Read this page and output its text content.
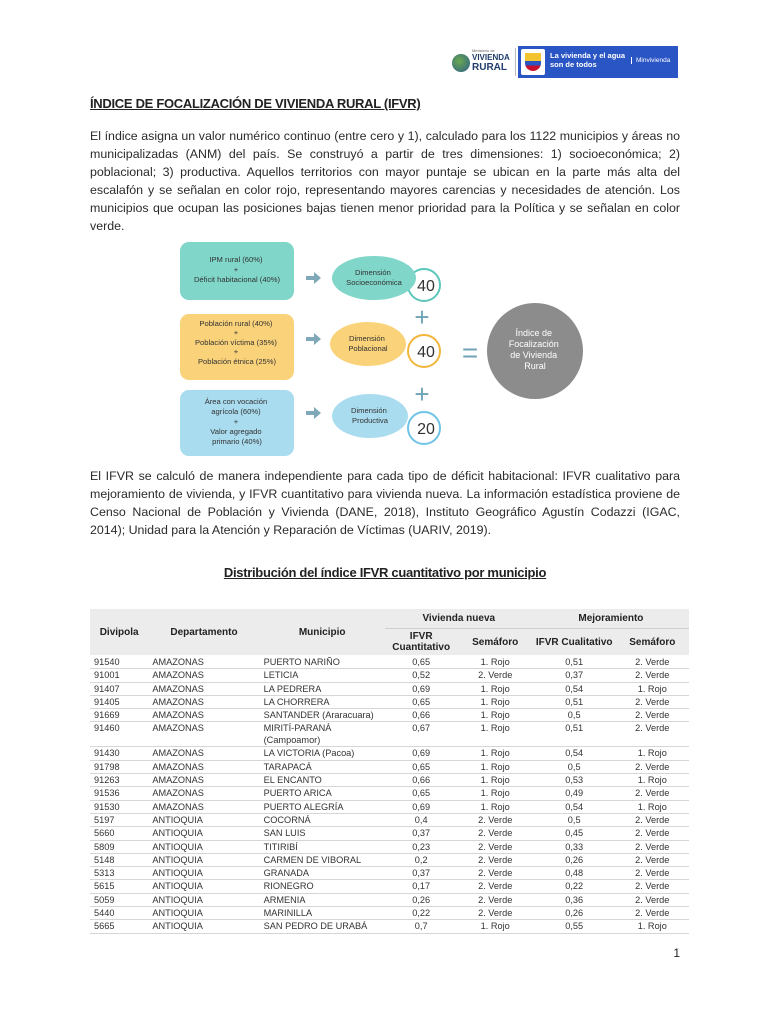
Ministerio de
VIVIENDA
RURAL
La vivienda y el agua son de todos	Minvivienda
ÍNDICE DE FOCALIZACIÓN DE VIVIENDA RURAL (IFVR)
El índice asigna un valor numérico continuo (entre cero y 1), calculado para los 1122 municipios y áreas no municipalizadas (ANM) del país. Se construyó a partir de tres dimensiones: 1) socioeconómica; 2) poblacional; 3) productiva. Aquellos territorios con mayor puntaje se ubican en la parte más alta del escalafón y se señalan en color rojo, representando mayores carencias y necesidades de atención. Los municipios que ocupan las posiciones bajas tienen menor prioridad para la Política y se señalan en color verde.
IPM rural (60%) + Déficit habitacional (40%)
Población rural (40%) + Población víctima (35%) + Población étnica (25%)
Área con vocación agrícola (60%) + Valor agregado primario (40%)
Dimensión Socioeconómica
Dimensión Poblacional
Dimensión Productiva
40
40
20
+
+
=
Índice de Focalización de Vivienda Rural
El IFVR se calculó de manera independiente para cada tipo de déficit habitacional: IFVR cualitativo para mejoramiento de vivienda, y IFVR cuantitativo para vivienda nueva. La información estadística proviene de Censo Nacional de Población y Vivienda (DANE, 2018), Instituto Geográfico Agustín Codazzi (IGAC, 2014); Unidad para la Atención y Reparación de Víctimas (UARIV, 2019).
Distribución del índice IFVR cuantitativo por municipio
Divipola	Departamento	Municipio	Vivienda nueva		Mejoramiento	
			IFVR Cuantitativo	Semáforo	IFVR Cualitativo	Semáforo
91540	AMAZONAS	PUERTO NARIÑO	0,65	1. Rojo	0,51	2. Verde
91001	AMAZONAS	LETICIA	0,52	2. Verde	0,37	2. Verde
91407	AMAZONAS	LA PEDRERA	0,69	1. Rojo	0,54	1. Rojo
91405	AMAZONAS	LA CHORRERA	0,65	1. Rojo	0,51	2. Verde
91669	AMAZONAS	SANTANDER (Araracuara)	0,66	1. Rojo	0,5	2. Verde
91460	AMAZONAS	MIRITÍ-PARANÁ (Campoamor)	0,67	1. Rojo	0,51	2. Verde
91430	AMAZONAS	LA VICTORIA (Pacoa)	0,69	1. Rojo	0,54	1. Rojo
91798	AMAZONAS	TARAPACÁ	0,65	1. Rojo	0,5	2. Verde
91263	AMAZONAS	EL ENCANTO	0,66	1. Rojo	0,53	1. Rojo
91536	AMAZONAS	PUERTO ARICA	0,65	1. Rojo	0,49	2. Verde
91530	AMAZONAS	PUERTO ALEGRÍA	0,69	1. Rojo	0,54	1. Rojo
5197	ANTIOQUIA	COCORNÁ	0,4	2. Verde	0,5	2. Verde
5660	ANTIOQUIA	SAN LUIS	0,37	2. Verde	0,45	2. Verde
5809	ANTIOQUIA	TITIRIBÍ	0,23	2. Verde	0,33	2. Verde
5148	ANTIOQUIA	CARMEN DE VIBORAL	0,2	2. Verde	0,26	2. Verde
5313	ANTIOQUIA	GRANADA	0,37	2. Verde	0,48	2. Verde
5615	ANTIOQUIA	RIONEGRO	0,17	2. Verde	0,22	2. Verde
5059	ANTIOQUIA	ARMENIA	0,26	2. Verde	0,36	2. Verde
5440	ANTIOQUIA	MARINILLA	0,22	2. Verde	0,26	2. Verde
5665	ANTIOQUIA	SAN PEDRO DE URABÁ	0,7	1. Rojo	0,55	1. Rojo
1
